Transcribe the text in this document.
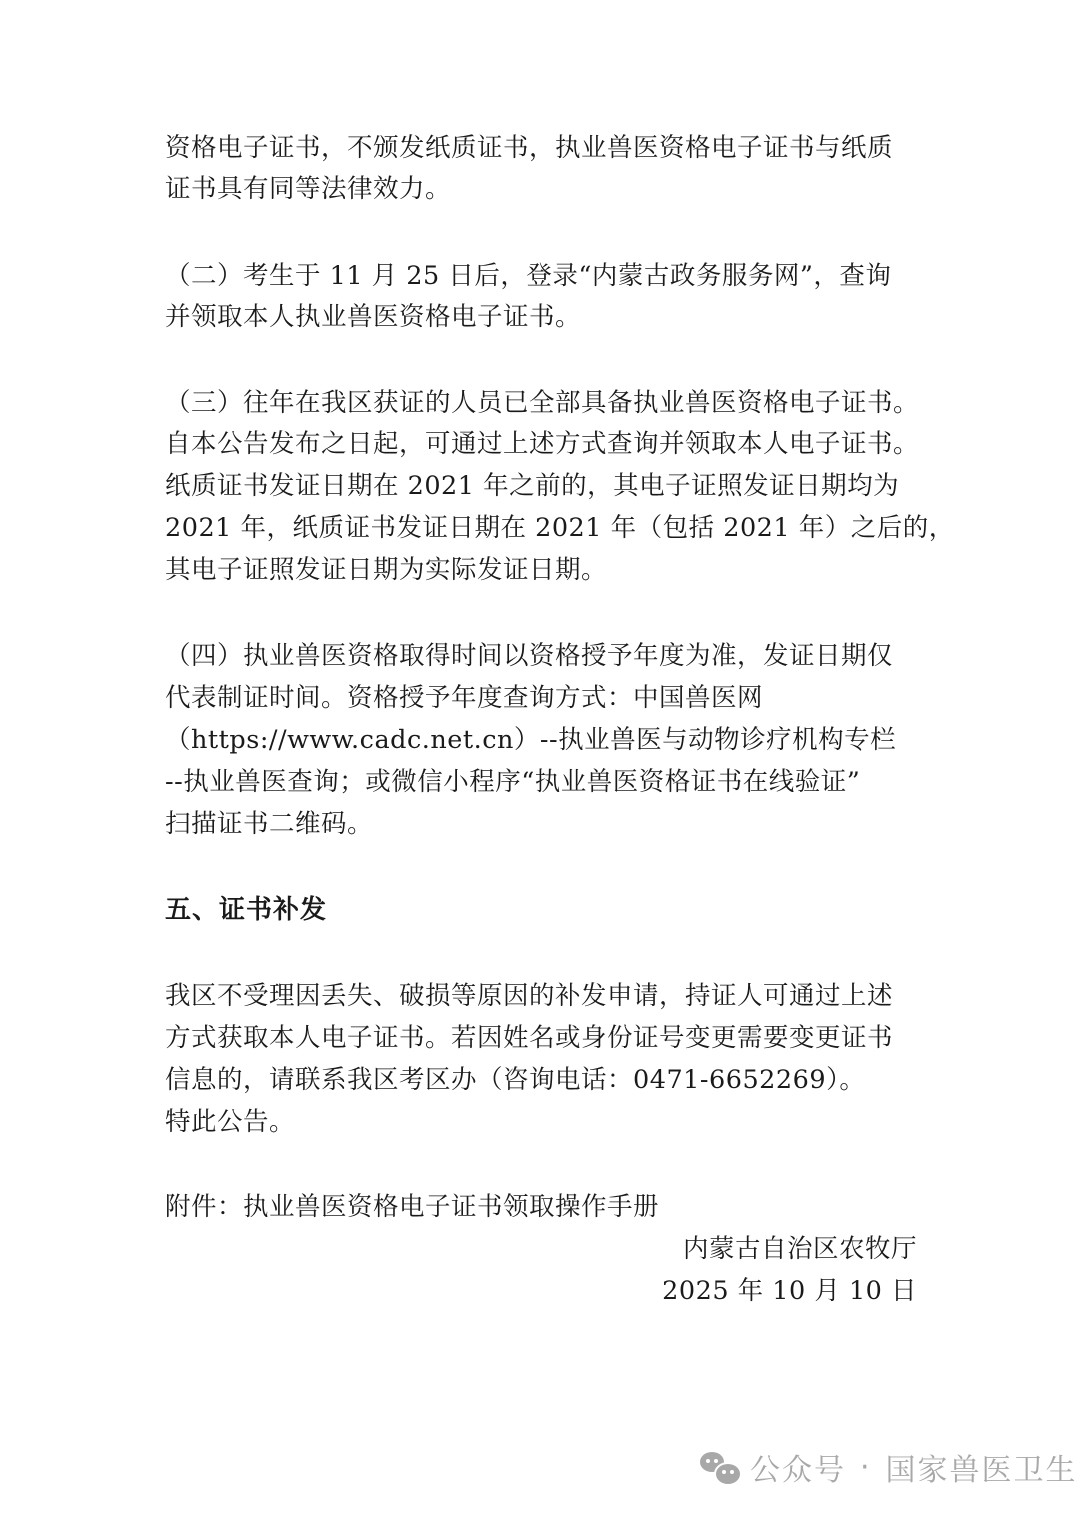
资格电子证书，不颁发纸质证书，执业兽医资格电子证书与纸质
证书具有同等法律效力。
（二）考生于 11 月 25 日后，登录“内蒙古政务服务网”，查询
并领取本人执业兽医资格电子证书。
（三）往年在我区获证的人员已全部具备执业兽医资格电子证书。
自本公告发布之日起，可通过上述方式查询并领取本人电子证书。
纸质证书发证日期在 2021 年之前的，其电子证照发证日期均为
2021 年，纸质证书发证日期在 2021 年（包括 2021 年）之后的，
其电子证照发证日期为实际发证日期。
（四）执业兽医资格取得时间以资格授予年度为准，发证日期仅
代表制证时间。资格授予年度查询方式：中国兽医网
（https://www.cadc.net.cn）--执业兽医与动物诊疗机构专栏
--执业兽医查询；或微信小程序“执业兽医资格证书在线验证”
扫描证书二维码。
五、证书补发
我区不受理因丢失、破损等原因的补发申请，持证人可通过上述
方式获取本人电子证书。若因姓名或身份证号变更需要变更证书
信息的，请联系我区考区办（咨询电话：0471-6652269）。
特此公告。
附件：执业兽医资格电子证书领取操作手册
内蒙古自治区农牧厅
2025 年 10 月 10 日
公众号 · 国家兽医卫生
